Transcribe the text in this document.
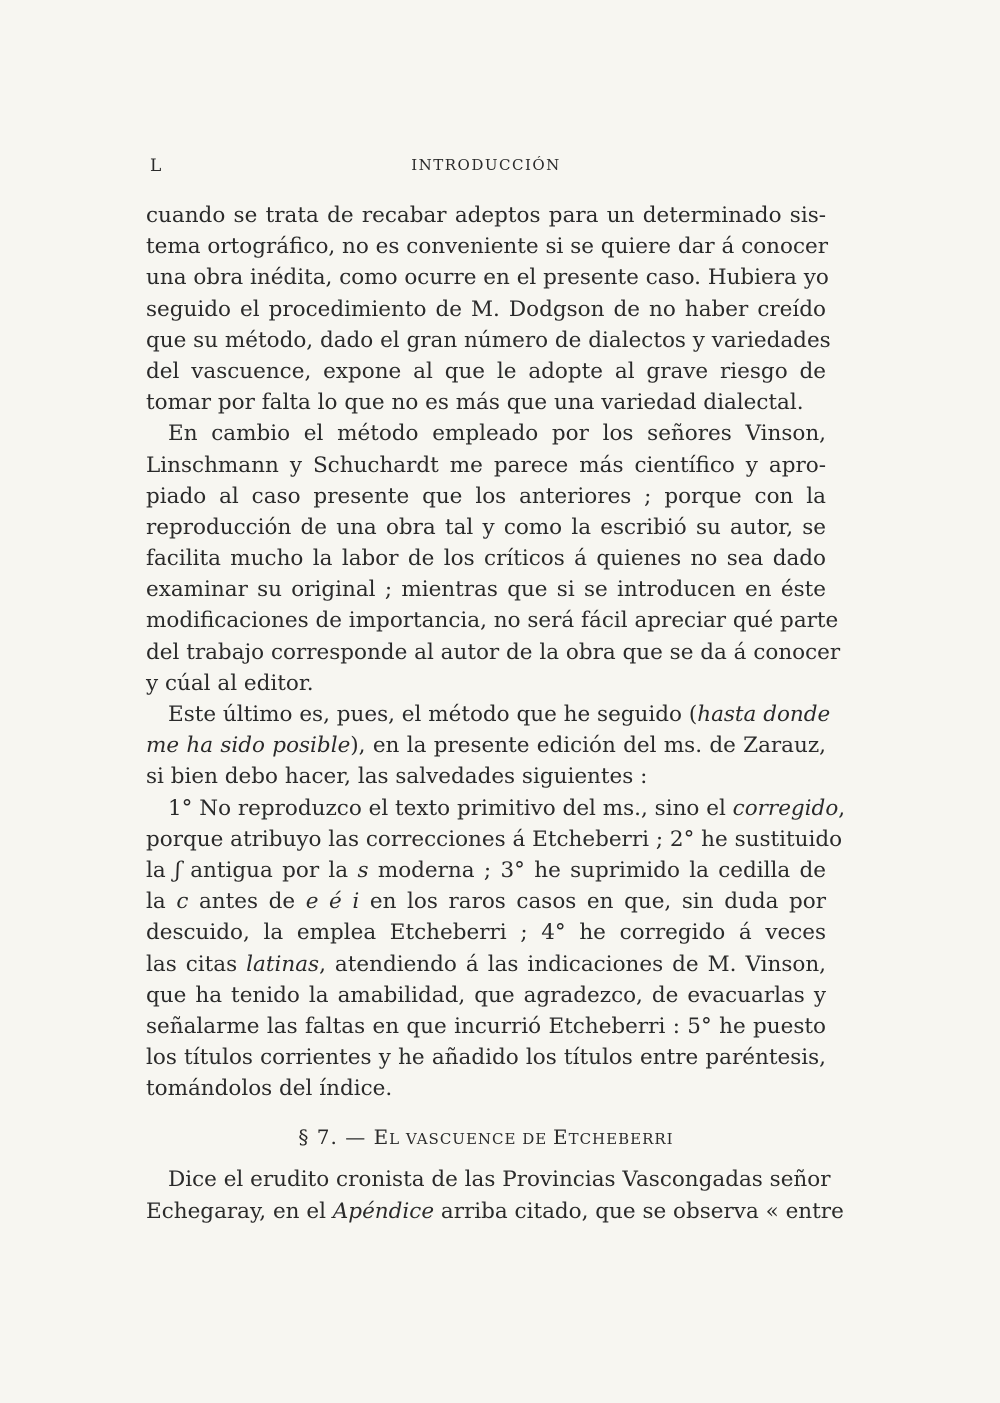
L	INTRODUCCIÓN
cuando se trata de recabar adeptos para un determinado sis-
tema ortográfico, no es conveniente si se quiere dar á conocer
una obra inédita, como ocurre en el presente caso. Hubiera yo
seguido el procedimiento de M. Dodgson de no haber creído
que su método, dado el gran número de dialectos y variedades
del vascuence, expone al que le adopte al grave riesgo de
tomar por falta lo que no es más que una variedad dialectal.
En cambio el método empleado por los señores Vinson,
Linschmann y Schuchardt me parece más científico y apro-
piado al caso presente que los anteriores ; porque con la
reproducción de una obra tal y como la escribió su autor, se
facilita mucho la labor de los críticos á quienes no sea dado
examinar su original ; mientras que si se introducen en éste
modificaciones de importancia, no será fácil apreciar qué parte
del trabajo corresponde al autor de la obra que se da á conocer
y cúal al editor.
Este último es, pues, el método que he seguido (hasta donde
me ha sido posible), en la presente edición del ms. de Zarauz,
si bien debo hacer, las salvedades siguientes :
1° No reproduzco el texto primitivo del ms., sino el corregido,
porque atribuyo las correcciones á Etcheberri ; 2° he sustituido
la ʃ antigua por la s moderna ; 3° he suprimido la cedilla de
la c antes de e é i en los raros casos en que, sin duda por
descuido, la emplea Etcheberri ; 4° he corregido á veces
las citas latinas, atendiendo á las indicaciones de M. Vinson,
que ha tenido la amabilidad, que agradezco, de evacuarlas y
señalarme las faltas en que incurrió Etcheberri : 5° he puesto
los títulos corrientes y he añadido los títulos entre paréntesis,
tomándolos del índice.
§ 7. — EL VASCUENCE DE ETCHEBERRI
Dice el erudito cronista de las Provincias Vascongadas señor
Echegaray, en el Apéndice arriba citado, que se observa « entre
